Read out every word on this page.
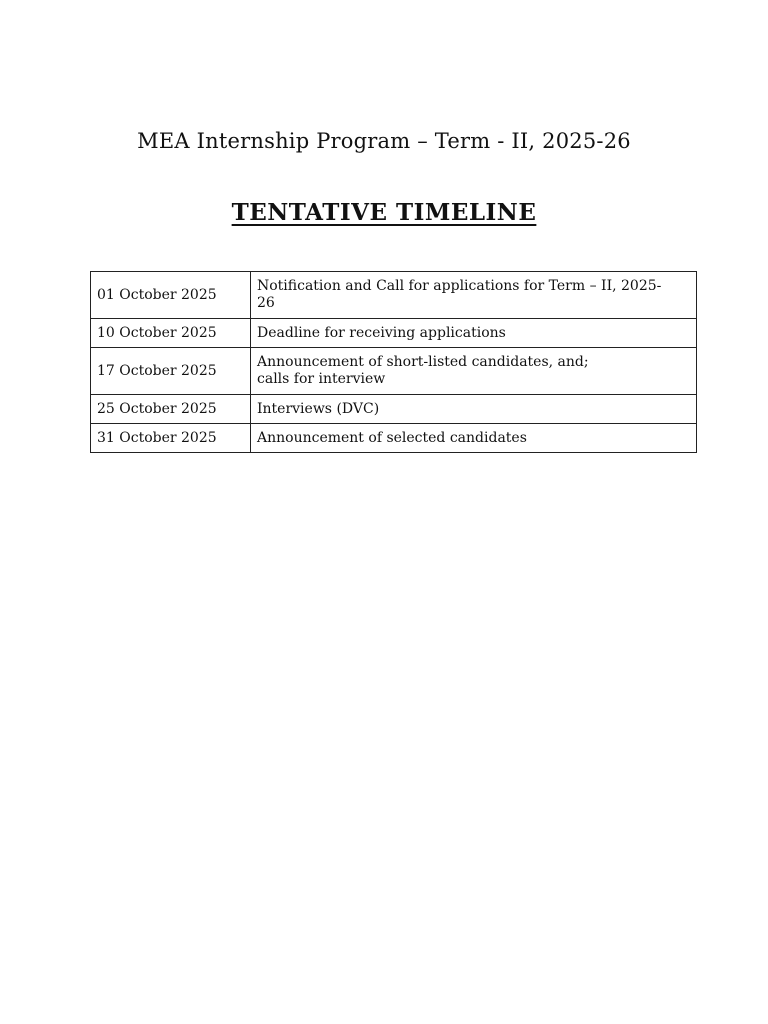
MEA Internship Program – Term - II, 2025-26
TENTATIVE TIMELINE
01 October 2025	Notification and Call for applications for Term – II, 2025-
26

10 October 2025	Deadline for receiving applications

17 October 2025	Announcement of short-listed candidates, and;
calls for interview

25 October 2025	Interviews (DVC)

31 October 2025	Announcement of selected candidates
